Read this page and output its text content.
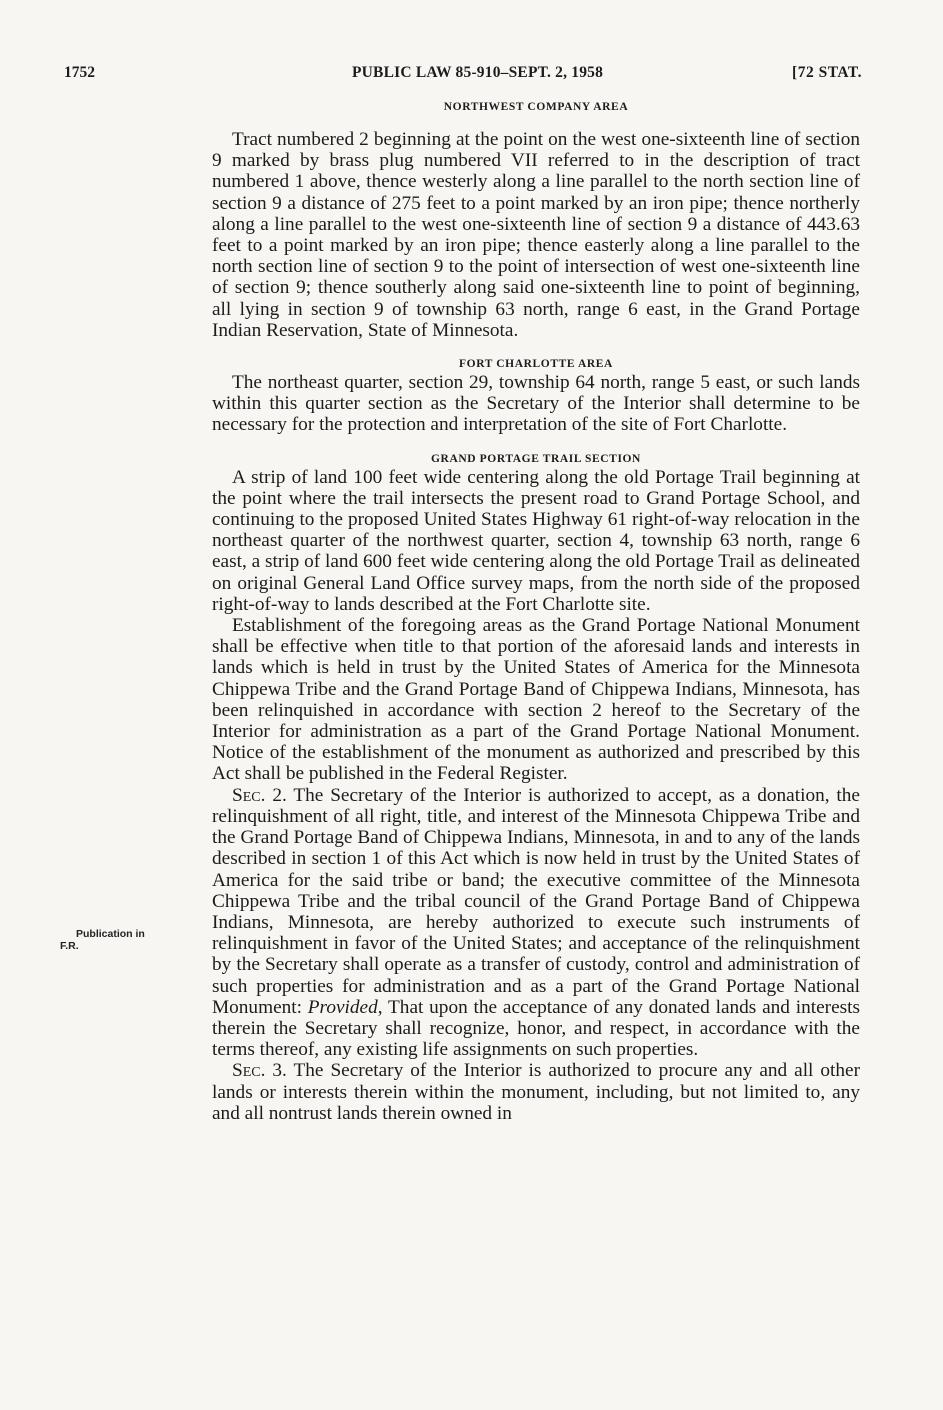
1752	PUBLIC LAW 85-910–SEPT. 2, 1958	[72 STAT.
Publication in
F.R.

NORTHWEST COMPANY AREA

Tract numbered 2 beginning at the point on the west one-sixteenth line of section 9 marked by brass plug numbered VII referred to in the description of tract numbered 1 above, thence westerly along a line parallel to the north section line of section 9 a distance of 275 feet to a point marked by an iron pipe; thence northerly along a line parallel to the west one-sixteenth line of section 9 a distance of 443.63 feet to a point marked by an iron pipe; thence easterly along a line parallel to the north section line of section 9 to the point of intersection of west one-sixteenth line of section 9; thence southerly along said one-sixteenth line to point of beginning, all lying in section 9 of township 63 north, range 6 east, in the Grand Portage Indian Reservation, State of Minnesota.

FORT CHARLOTTE AREA

The northeast quarter, section 29, township 64 north, range 5 east, or such lands within this quarter section as the Secretary of the Interior shall determine to be necessary for the protection and interpretation of the site of Fort Charlotte.

GRAND PORTAGE TRAIL SECTION

A strip of land 100 feet wide centering along the old Portage Trail beginning at the point where the trail intersects the present road to Grand Portage School, and continuing to the proposed United States Highway 61 right-of-way relocation in the northeast quarter of the northwest quarter, section 4, township 63 north, range 6 east, a strip of land 600 feet wide centering along the old Portage Trail as delineated on original General Land Office survey maps, from the north side of the proposed right-of-way to lands described at the Fort Charlotte site.

Establishment of the foregoing areas as the Grand Portage National Monument shall be effective when title to that portion of the aforesaid lands and interests in lands which is held in trust by the United States of America for the Minnesota Chippewa Tribe and the Grand Portage Band of Chippewa Indians, Minnesota, has been relinquished in accordance with section 2 hereof to the Secretary of the Interior for administration as a part of the Grand Portage National Monument. Notice of the establishment of the monument as authorized and prescribed by this Act shall be published in the Federal Register.

Sec. 2. The Secretary of the Interior is authorized to accept, as a donation, the relinquishment of all right, title, and interest of the Minnesota Chippewa Tribe and the Grand Portage Band of Chippewa Indians, Minnesota, in and to any of the lands described in section 1 of this Act which is now held in trust by the United States of America for the said tribe or band; the executive committee of the Minnesota Chippewa Tribe and the tribal council of the Grand Portage Band of Chippewa Indians, Minnesota, are hereby authorized to execute such instruments of relinquishment in favor of the United States; and acceptance of the relinquishment by the Secretary shall operate as a transfer of custody, control and administration of such properties for administration and as a part of the Grand Portage National Monument: Provided, That upon the acceptance of any donated lands and interests therein the Secretary shall recognize, honor, and respect, in accordance with the terms thereof, any existing life assignments on such properties.

Sec. 3. The Secretary of the Interior is authorized to procure any and all other lands or interests therein within the monument, including, but not limited to, any and all nontrust lands therein owned in
